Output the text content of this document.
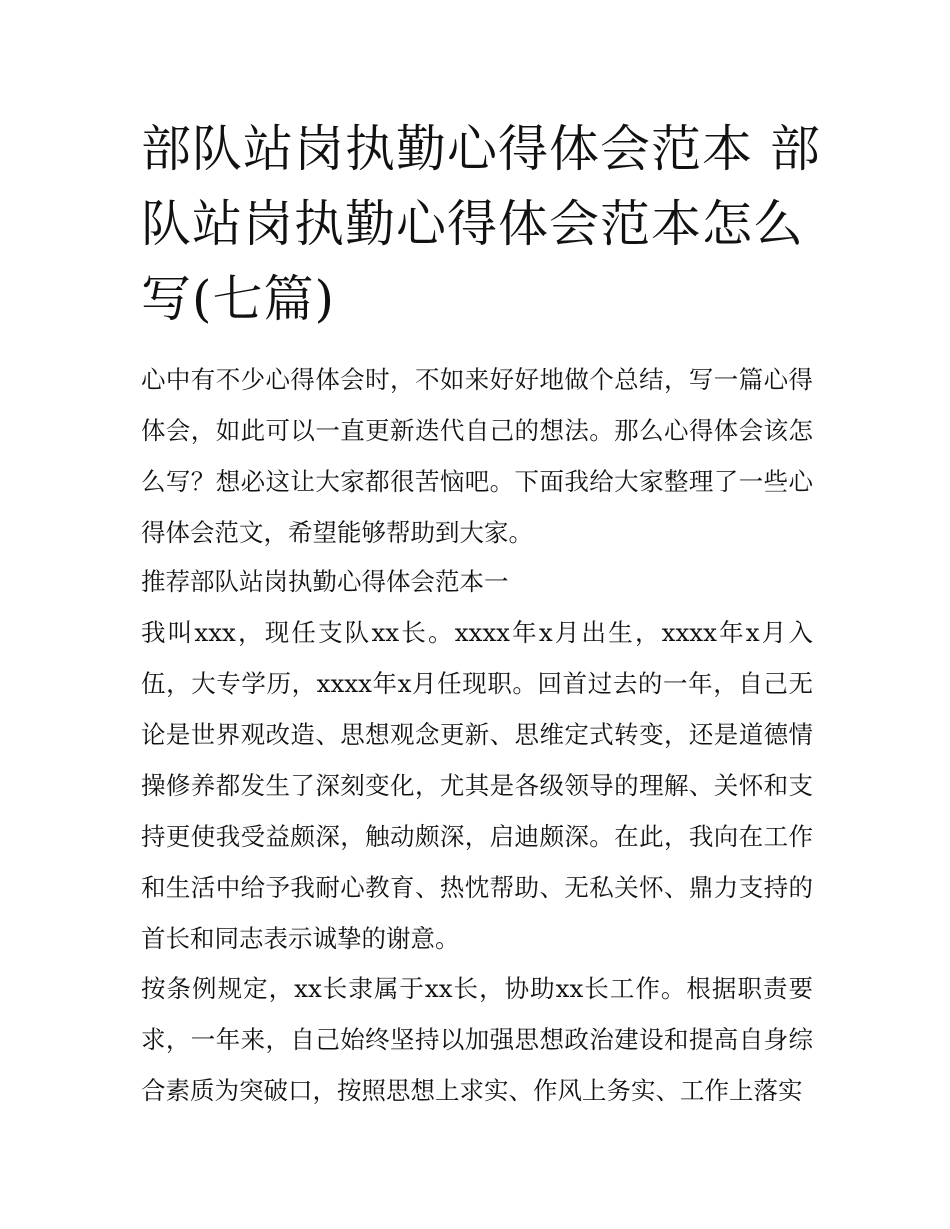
部队站岗执勤心得体会范本 部队站岗执勤心得体会范本怎么写(七篇)

心中有不少心得体会时，不如来好好地做个总结，写一篇心得体会，如此可以一直更新迭代自己的想法。那么心得体会该怎么写？想必这让大家都很苦恼吧。下面我给大家整理了一些心得体会范文，希望能够帮助到大家。

推荐部队站岗执勤心得体会范本一

我叫xxx，现任支队xx长。xxxx年x月出生，xxxx年x月入伍，大专学历，xxxx年x月任现职。回首过去的一年，自己无论是世界观改造、思想观念更新、思维定式转变，还是道德情操修养都发生了深刻变化，尤其是各级领导的理解、关怀和支持更使我受益颇深，触动颇深，启迪颇深。在此，我向在工作和生活中给予我耐心教育、热忱帮助、无私关怀、鼎力支持的首长和同志表示诚挚的谢意。

按条例规定，xx长隶属于xx长，协助xx长工作。根据职责要求，一年来，自己始终坚持以加强思想政治建设和提高自身综合素质为突破口，按照思想上求实、作风上务实、工作上落实
